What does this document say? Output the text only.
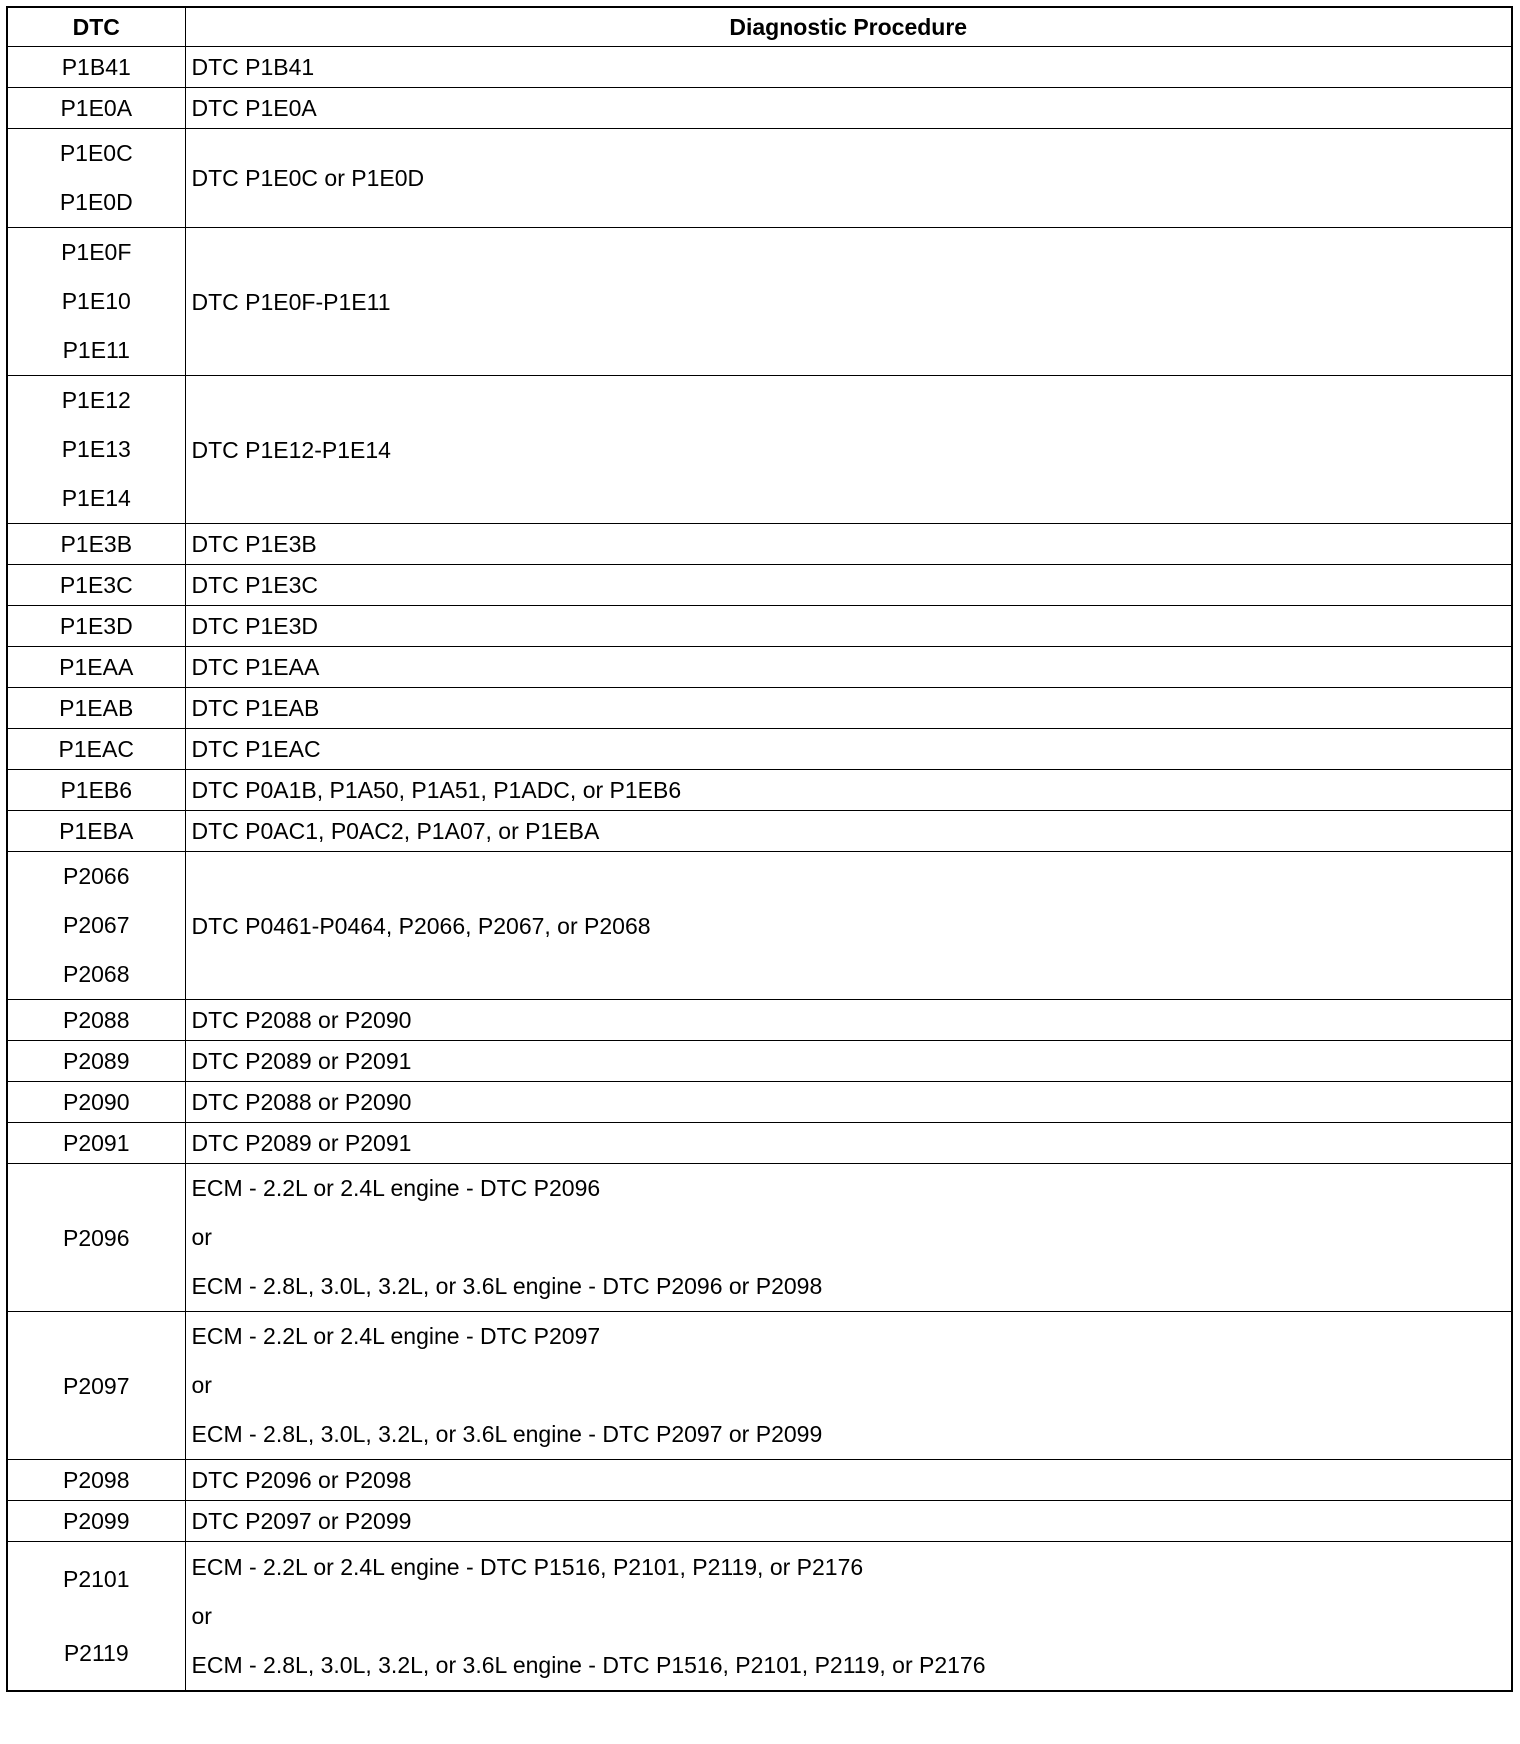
DTC	Diagnostic Procedure

P1B41	DTC P1B41

P1E0A	DTC P1E0A

P1E0C
P1E0D	DTC P1E0C or P1E0D

P1E0F
P1E10
P1E11	DTC P1E0F-P1E11

P1E12
P1E13
P1E14	DTC P1E12-P1E14

P1E3B	DTC P1E3B

P1E3C	DTC P1E3C

P1E3D	DTC P1E3D

P1EAA	DTC P1EAA

P1EAB	DTC P1EAB

P1EAC	DTC P1EAC

P1EB6	DTC P0A1B, P1A50, P1A51, P1ADC, or P1EB6

P1EBA	DTC P0AC1, P0AC2, P1A07, or P1EBA

P2066
P2067
P2068	DTC P0461-P0464, P2066, P2067, or P2068

P2088	DTC P2088 or P2090

P2089	DTC P2089 or P2091

P2090	DTC P2088 or P2090

P2091	DTC P2089 or P2091

P2096	ECM - 2.2L or 2.4L engine - DTC P2096
or
ECM - 2.8L, 3.0L, 3.2L, or 3.6L engine - DTC P2096 or P2098

P2097	ECM - 2.2L or 2.4L engine - DTC P2097
or
ECM - 2.8L, 3.0L, 3.2L, or 3.6L engine - DTC P2097 or P2099

P2098	DTC P2096 or P2098

P2099	DTC P2097 or P2099

P2101
P2119	ECM - 2.2L or 2.4L engine - DTC P1516, P2101, P2119, or P2176
or
ECM - 2.8L, 3.0L, 3.2L, or 3.6L engine - DTC P1516, P2101, P2119, or P2176
